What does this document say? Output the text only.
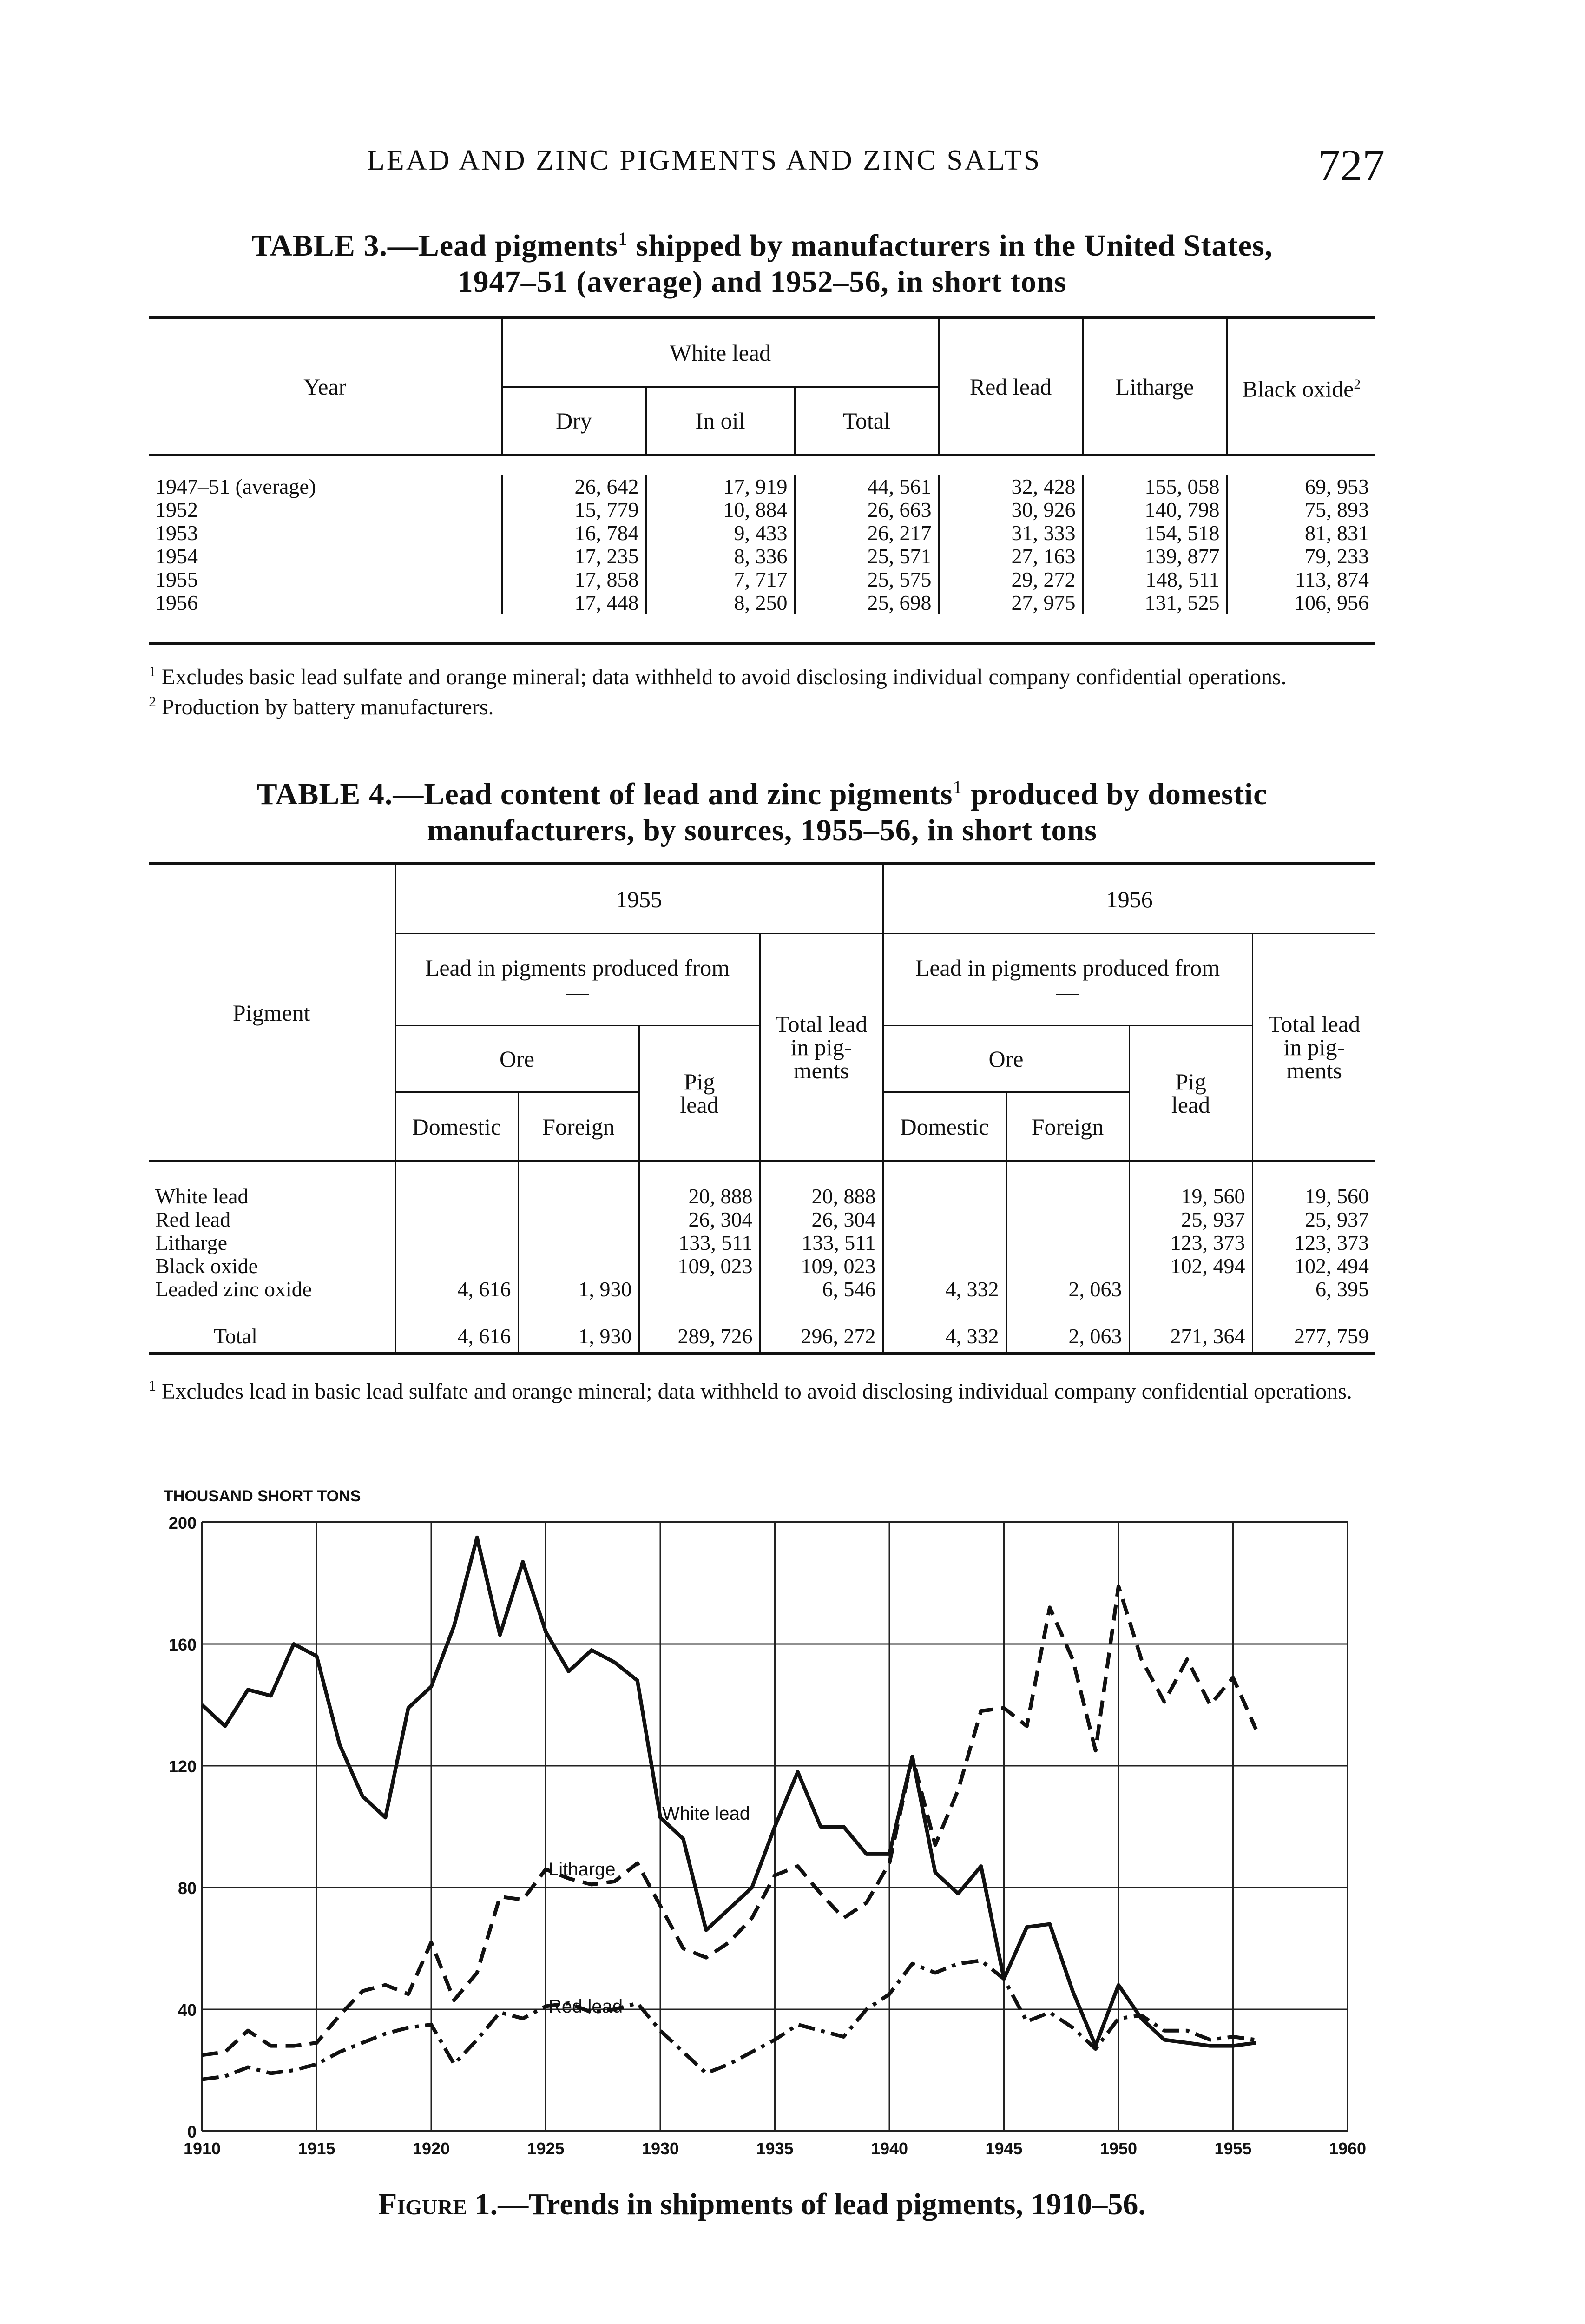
LEAD AND ZINC PIGMENTS AND ZINC SALTS	727
TABLE 3.—Lead pigments$^1$ shipped by manufacturers in the United States,
1947–51 (average) and 1952–56, in short tons
Year	White lead			Red lead	Litharge	Black oxide$^2$
	Dry	In oil	Total			

1947–51 (average)	26, 642	17, 919	44, 561	32, 428	155, 058	69, 953
1952	15, 779	10, 884	26, 663	30, 926	140, 798	75, 893
1953	16, 784	9, 433	26, 217	31, 333	154, 518	81, 831
1954	17, 235	8, 336	25, 571	27, 163	139, 877	79, 233
1955	17, 858	7, 717	25, 575	29, 272	148, 511	113, 874
1956	17, 448	8, 250	25, 698	27, 975	131, 525	106, 956

$^1$ Excludes basic lead sulfate and orange mineral; data withheld to avoid disclosing individual company confidential operations.
$^2$ Production by battery manufacturers.
TABLE 4.—Lead content of lead and zinc pigments$^1$ produced by domestic
manufacturers, by sources, 1955–56, in short tons
Pigment	1955				1956			
	Lead in pigments produced from—			Total lead in pig- ments	Lead in pigments produced from—			Total lead in pig- ments
	Ore		Pig lead		Ore		Pig lead	
	Domestic	Foreign			Domestic	Foreign		

White lead			20, 888	20, 888			19, 560	19, 560
Red lead			26, 304	26, 304			25, 937	25, 937
Litharge			133, 511	133, 511			123, 373	123, 373
Black oxide			109, 023	109, 023			102, 494	102, 494
Leaded zinc oxide	4, 616	1, 930		6, 546	4, 332	2, 063		6, 395

Total	4, 616	1, 930	289, 726	296, 272	4, 332	2, 063	271, 364	277, 759
$^1$ Excludes lead in basic lead sulfate and orange mineral; data withheld to avoid disclosing individual company confidential operations.
THOUSAND SHORT TONS
0
40
80
120
160
200
1910	1915	1920	1925	1930	1935	1940	1945	1950	1955	1960
White lead
Litharge
Red lead
Figure 1.—Trends in shipments of lead pigments, 1910–56.
